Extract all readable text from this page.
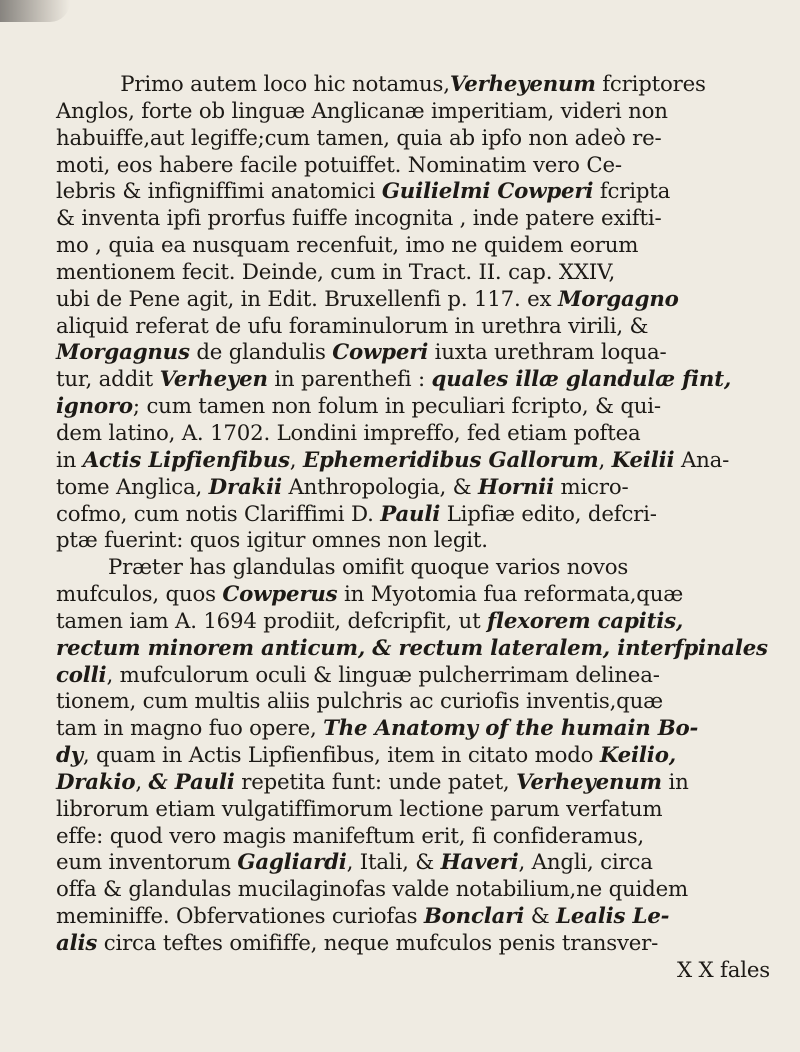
Primo autem loco hic notamus,Verheyenum fcriptores
Anglos, forte ob linguæ Anglicanæ imperitiam, videri non
habuiffe,aut legiffe;cum tamen, quia ab ipfo non adeò re-
moti, eos habere facile potuiffet. Nominatim vero Ce-
lebris & infigniffimi anatomici Guilielmi Cowperi fcripta
& inventa ipfi prorfus fuiffe incognita , inde patere exifti-
mo , quia ea nusquam recenfuit, imo ne quidem eorum
mentionem fecit. Deinde, cum in Tract. II. cap. XXIV,
ubi de Pene agit, in Edit. Bruxellenfi p. 117. ex Morgagno
aliquid referat de ufu foraminulorum in urethra virili, &
Morgagnus de glandulis Cowperi iuxta urethram loqua-
tur, addit Verheyen in parenthefi : quales illæ glandulæ fint,
ignoro; cum tamen non folum in peculiari fcripto, & qui-
dem latino, A. 1702. Londini impreffo, fed etiam poftea
in Actis Lipfienfibus, Ephemeridibus Gallorum, Keilii Ana-
tome Anglica, Drakii Anthropologia, & Hornii micro-
cofmo, cum notis Clariffimi D. Pauli Lipfiæ edito, defcri-
ptæ fuerint: quos igitur omnes non legit.
Præter has glandulas omifit quoque varios novos
mufculos, quos Cowperus in Myotomia fua reformata,quæ
tamen iam A. 1694 prodiit, defcripfit, ut flexorem capitis,
rectum minorem anticum, & rectum lateralem, interfpinales
colli, mufculorum oculi & linguæ pulcherrimam delinea-
tionem, cum multis aliis pulchris ac curiofis inventis,quæ
tam in magno fuo opere, The Anatomy of the humain Bo-
dy, quam in Actis Lipfienfibus, item in citato modo Keilio,
Drakio, & Pauli repetita funt: unde patet, Verheyenum in
librorum etiam vulgatiffimorum lectione parum verfatum
effe: quod vero magis manifeftum erit, fi confideramus,
eum inventorum Gagliardi, Itali, & Haveri, Angli, circa
offa & glandulas mucilaginofas valde notabilium,ne quidem
meminiffe. Obfervationes curiofas Bonclari & Lealis Le-
alis circa teftes omififfe, neque mufculos penis transver-
X X fales
